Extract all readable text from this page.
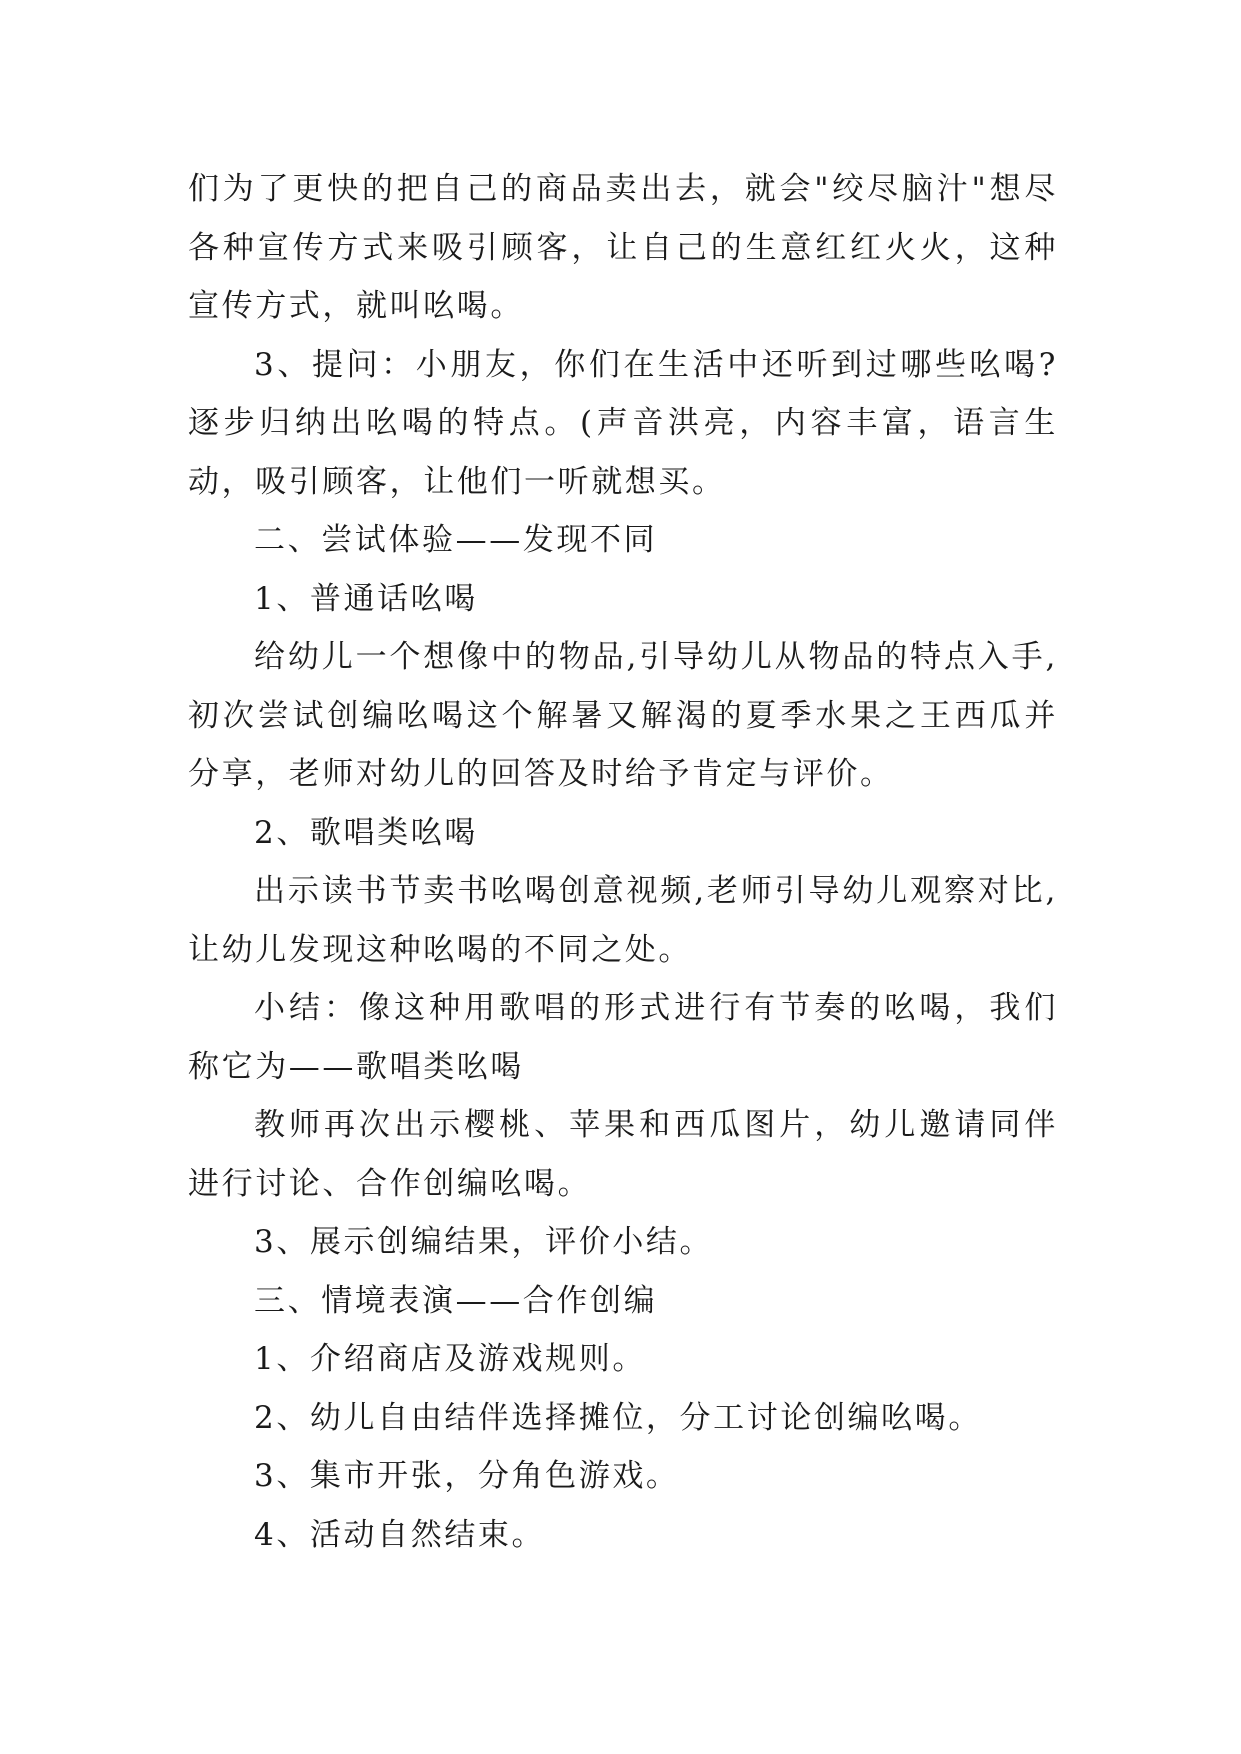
们为了更快的把自己的商品卖出去，就会"绞尽脑汁"想尽各种宣传方式来吸引顾客，让自己的生意红红火火，这种宣传方式，就叫吆喝。

3、提问：小朋友，你们在生活中还听到过哪些吆喝?逐步归纳出吆喝的特点。(声音洪亮，内容丰富，语言生动，吸引顾客，让他们一听就想买。

二、尝试体验——发现不同

1、普通话吆喝

给幼儿一个想像中的物品,引导幼儿从物品的特点入手,初次尝试创编吆喝这个解暑又解渴的夏季水果之王西瓜并分享，老师对幼儿的回答及时给予肯定与评价。

2、歌唱类吆喝

出示读书节卖书吆喝创意视频,老师引导幼儿观察对比,让幼儿发现这种吆喝的不同之处。

小结：像这种用歌唱的形式进行有节奏的吆喝，我们称它为——歌唱类吆喝

教师再次出示樱桃、苹果和西瓜图片，幼儿邀请同伴进行讨论、合作创编吆喝。

3、展示创编结果，评价小结。

三、情境表演——合作创编

1、介绍商店及游戏规则。

2、幼儿自由结伴选择摊位，分工讨论创编吆喝。

3、集市开张，分角色游戏。

4、活动自然结束。
